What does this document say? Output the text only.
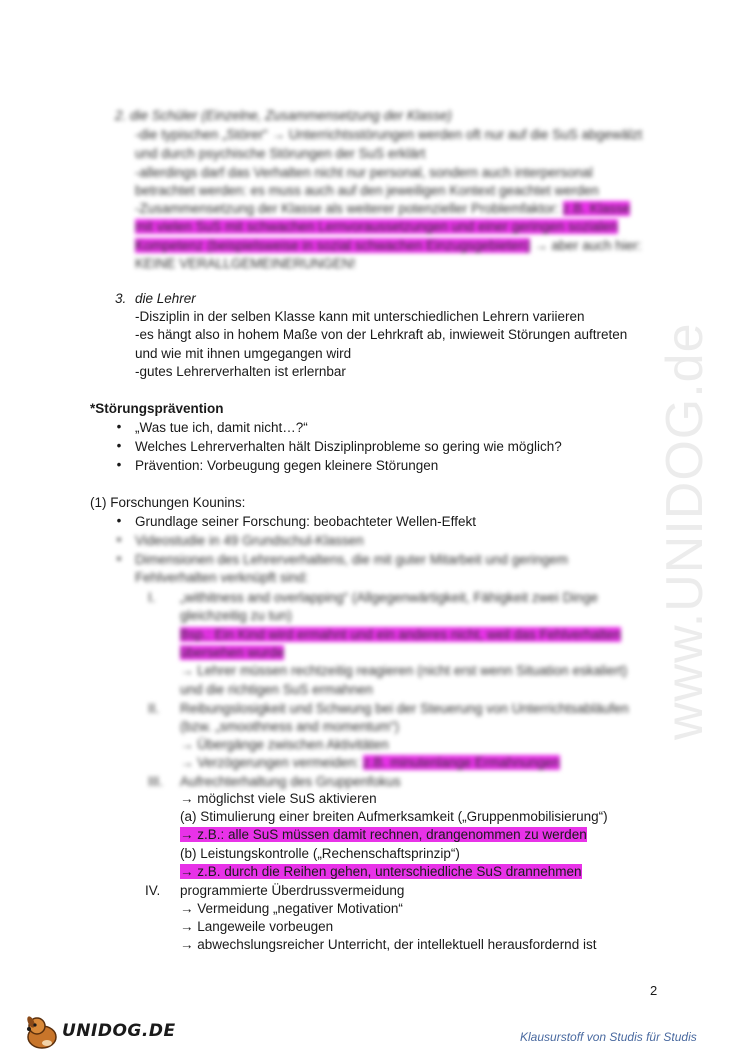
www.UNIDOG.de
2. die Schüler (Einzelne, Zusammensetzung der Klasse)
-die typischen „Störer“ → Unterrichtsstörungen werden oft nur auf die SuS abgewälzt
und durch psychische Störungen der SuS erklärt
-allerdings darf das Verhalten nicht nur personal, sondern auch interpersonal
betrachtet werden: es muss auch auf den jeweiligen Kontext geachtet werden
-Zusammensetzung der Klasse als weiterer potenzieller Problemfaktor: z.B. Klasse
mit vielen SuS mit schwachen Lernvoraussetzungen und einer geringen sozialen
Kompetenz (beispielsweise in sozial schwachen Einzugsgebieten) → aber auch hier:
KEINE VERALLGEMEINERUNGEN!
3. die Lehrer
-Disziplin in der selben Klasse kann mit unterschiedlichen Lehrern variieren
-es hängt also in hohem Maße von der Lehrkraft ab, inwieweit Störungen auftreten
und wie mit ihnen umgegangen wird
-gutes Lehrerverhalten ist erlernbar
*Störungsprävention
•	„Was tue ich, damit nicht…?“
•	Welches Lehrerverhalten hält Disziplinprobleme so gering wie möglich?
•	Prävention: Vorbeugung gegen kleinere Störungen
(1) Forschungen Kounins:
•	Grundlage seiner Forschung: beobachteter Wellen-Effekt
•	Videostudie in 49 Grundschul-Klassen
•	Dimensionen des Lehrerverhaltens, die mit guter Mitarbeit und geringem
Fehlverhalten verknüpft sind:
I. „withitness and overlapping“ (Allgegenwärtigkeit, Fähigkeit zwei Dinge
gleichzeitig zu tun)
Bsp.: Ein Kind wird ermahnt und ein anderes nicht, weil das Fehlverhalten
übersehen wurde
→ Lehrer müssen rechtzeitig reagieren (nicht erst wenn Situation eskaliert)
und die richtigen SuS ermahnen
II. Reibungslosigkeit und Schwung bei der Steuerung von Unterrichtsabläufen
(bzw. „smoothness and momentum“)
→ Übergänge zwischen Aktivitäten
→ Verzögerungen vermeiden: z.B. minutenlange Ermahnungen
III. Aufrechterhaltung des Gruppenfokus
→ möglichst viele SuS aktivieren
(a) Stimulierung einer breiten Aufmerksamkeit („Gruppenmobilisierung“)
→ z.B.: alle SuS müssen damit rechnen, drangenommen zu werden
(b) Leistungskontrolle („Rechenschaftsprinzip“)
→ z.B. durch die Reihen gehen, unterschiedliche SuS drannehmen
IV. programmierte Überdrussvermeidung
→ Vermeidung „negativer Motivation“
→ Langeweile vorbeugen
→ abwechslungsreicher Unterricht, der intellektuell herausfordernd ist
2
UNIDOG.DE	Klausurstoff von Studis für Studis
